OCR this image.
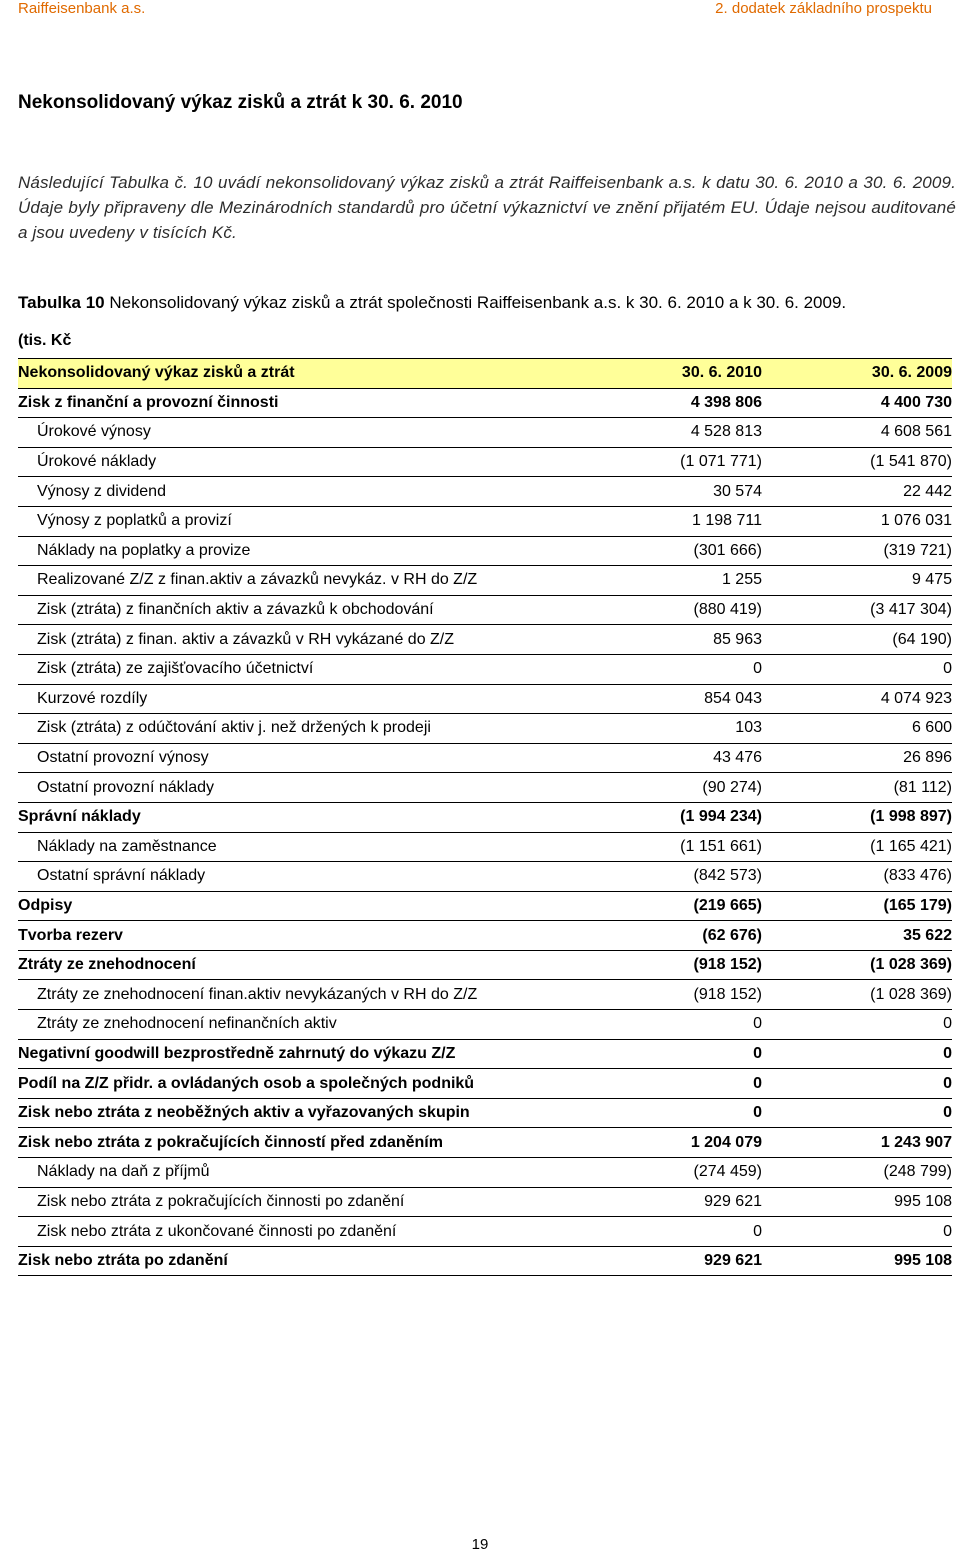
Raiffeisenbank a.s.	2. dodatek základního prospektu
Nekonsolidovaný výkaz zisků a ztrát k 30. 6. 2010
Následující Tabulka č. 10 uvádí nekonsolidovaný výkaz zisků a ztrát Raiffeisenbank a.s. k datu 30. 6. 2010 a 30. 6. 2009. Údaje byly připraveny dle Mezinárodních standardů pro účetní výkaznictví ve znění přijatém EU. Údaje nejsou auditované a jsou uvedeny v tisících Kč.
Tabulka 10 Nekonsolidovaný výkaz zisků a ztrát společnosti Raiffeisenbank a.s. k 30. 6. 2010 a k 30. 6. 2009.
(tis. Kč
Nekonsolidovaný výkaz zisků a ztrát	30. 6. 2010	30. 6. 2009
Zisk z finanční a provozní činnosti	4 398 806	4 400 730
Úrokové výnosy	4 528 813	4 608 561
Úrokové náklady	(1 071 771)	(1 541 870)
Výnosy z dividend	30 574	22 442
Výnosy z poplatků a provizí	1 198 711	1 076 031
Náklady na poplatky a provize	(301 666)	(319 721)
Realizované Z/Z z finan.aktiv a závazků nevykáz. v RH do Z/Z	1 255	9 475
Zisk (ztráta) z finančních aktiv a závazků k obchodování	(880 419)	(3 417 304)
Zisk (ztráta) z finan. aktiv a závazků v RH vykázané do Z/Z	85 963	(64 190)
Zisk (ztráta) ze zajišťovacího účetnictví	0	0
Kurzové rozdíly	854 043	4 074 923
Zisk (ztráta) z odúčtování aktiv j. než držených k prodeji	103	6 600
Ostatní provozní výnosy	43 476	26 896
Ostatní provozní náklady	(90 274)	(81 112)
Správní náklady	(1 994 234)	(1 998 897)
Náklady na zaměstnance	(1 151 661)	(1 165 421)
Ostatní správní náklady	(842 573)	(833 476)
Odpisy	(219 665)	(165 179)
Tvorba rezerv	(62 676)	35 622
Ztráty ze znehodnocení	(918 152)	(1 028 369)
Ztráty ze znehodnocení finan.aktiv nevykázaných v RH do Z/Z	(918 152)	(1 028 369)
Ztráty ze znehodnocení nefinančních aktiv	0	0
Negativní goodwill bezprostředně zahrnutý do výkazu Z/Z	0	0
Podíl na Z/Z přidr. a ovládaných osob a společných podniků	0	0
Zisk nebo ztráta z neoběžných aktiv a vyřazovaných skupin	0	0
Zisk nebo ztráta z pokračujících činností před zdaněním	1 204 079	1 243 907
Náklady na daň z příjmů	(274 459)	(248 799)
Zisk nebo ztráta z pokračujících činnosti po zdanění	929 621	995 108
Zisk nebo ztráta z ukončované činnosti po zdanění	0	0
Zisk nebo ztráta po zdanění	929 621	995 108
19
